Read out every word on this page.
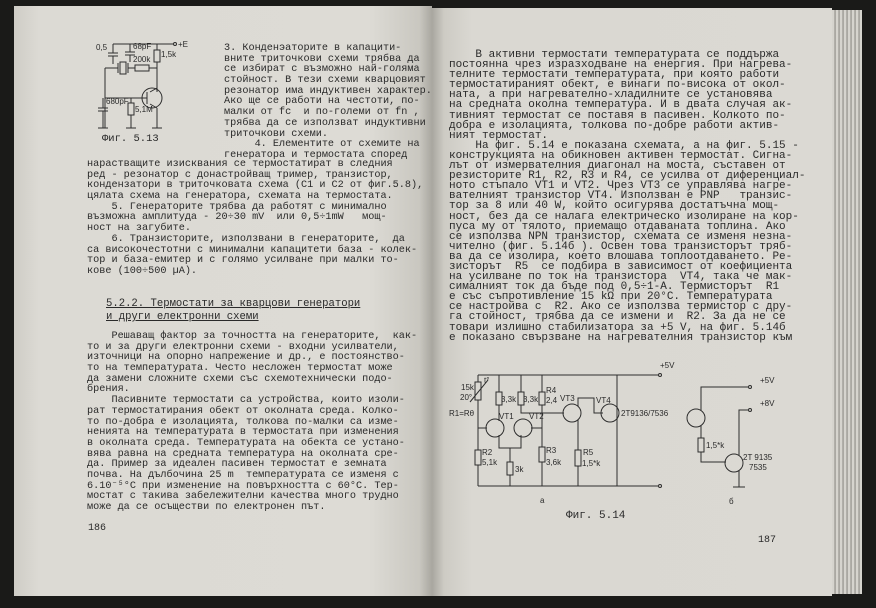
3. Конденэаторите в капацити-
вните триточкови схеми трябва да
се избират с възможно най-голяма
стойност. В тези схеми кварцовият
резонатор има индуктивен характер.
Ако ще се работи на честоти, по-
малки от fc  и по-големи от fn ,
трябва да се използват индуктивни
триточкови схеми.
4. Елементите от схемите на
генератора и термостата според
нарастващите изисквания се термостатират в следния
ред - резонатор с донастройващ тример, транзистор,
кондензатори в триточковата схема (C1 и C2 от фиг.5.8),
цялата схема на генератора, схемата на термостата.
5. Генераторите трябва да работят с минимално
възможна амплитуда - 20÷30 mV  или 0,5÷1mW   мощ-
ност на загубите.
6. Транзисторите, използвани в генераторите,  да
са високочестотни с минимални капацитети база - колек-
тор и база-емитер и с голямо усилване при малки то-
кове (100÷500 µA).
5.2.2. Термостати за кварцови генератори
и други електронни схеми
Решаващ фактор за точността на генераторите,  как-
то и за други електронни схеми - входни усилватели,
източници на опорно напрежение и др., е постоянство-
то на температурата. Често несложен термостат може
да замени сложните схеми със схемотехнически подо-
брения.
Пасивните термостати са устройства, които изоли-
рат термостатирания обект от околната среда. Колко-
то по-добра е изолацията, толкова по-малки са изме-
ненията на температурата в термостата при изменения
в околната среда. Температурата на обекта се устано-
вява равна на средната температура на околната сре-
да. Пример за идеален пасивен термостат е земната
почва. На дълбочина 25 m  температурата се изменя с
6.10⁻⁵°С при изменение на повърхността с 60°С. Тер-
мостат с такива забележителни качества много трудно
може да се осъществи по електронен път.
Фиг. 5.13
186
В активни термостати температурата се поддържа
постоянна чрез изразходване на енергия. При нагрева-
телните термостати температурата, при която работи
термостатираният обект, е винаги по-висока от окол-
ната, а при нагревателно-хладилните се установява
на средната околна температура. И в двата случая ак-
тивният термостат се поставя в пасивен. Колкото по-
добра е изолацията, толкова по-добре работи актив-
ният термостат.
На фиг. 5.14 е показана схемата, а на фиг. 5.15 -
конструкцията на обикновен активен термостат. Сигна-
лът от измервателния диагонал на моста, съставен от
резисторите R1, R2, R3 и R4, се усилва от диференциал-
ното стъпало VT1 и VT2. Чрез VT3 се управлява нагре-
вателният транзистор VT4. Използван е PNP   транзис-
тор за 8 или 40 W, който осигурява достатъчна мощ-
ност, без да се налага електрическо изолиране на кор-
пуса му от тялото, приемащо отдаваната топлина. Ако
се използва NPN транзистор, схемата се изменя незна-
чително (фиг. 5.14б ). Освен това транзисторът тряб-
ва да се изолира, което влошава топлоотдаването. Ре-
зисторът  R5  се подбира в зависимост от коефициента
на усилване по ток на транзистора  VT4, така че мак-
сималният ток да бъде под 0,5÷1-A. Термисторът  R1
е със съпротивление 15 kΩ при 20°С. Температурата
се настройва с  R2. Ако се използва термистор с дру-
га стойност, трябва да се измени и  R2. За да не се
товари излишно стабилизатора за +5 V, на фиг. 5.14б
е показано свързване на нагревателния транзистор към
Фиг. 5.14
187
0,5	68pF	+E
1,5k
200k
680pF
5,1M
+5V
15k
20°
t°
R1=Rθ
3,3k 3,3k
R4
2,4
VT1 VT2
VT3	VT4
2T9136/7536
R2
5,1k
3k
R3
3,6k
R5
1,5*k
а
+5V
+8V
1,5*k
2T 9135
7535
б
